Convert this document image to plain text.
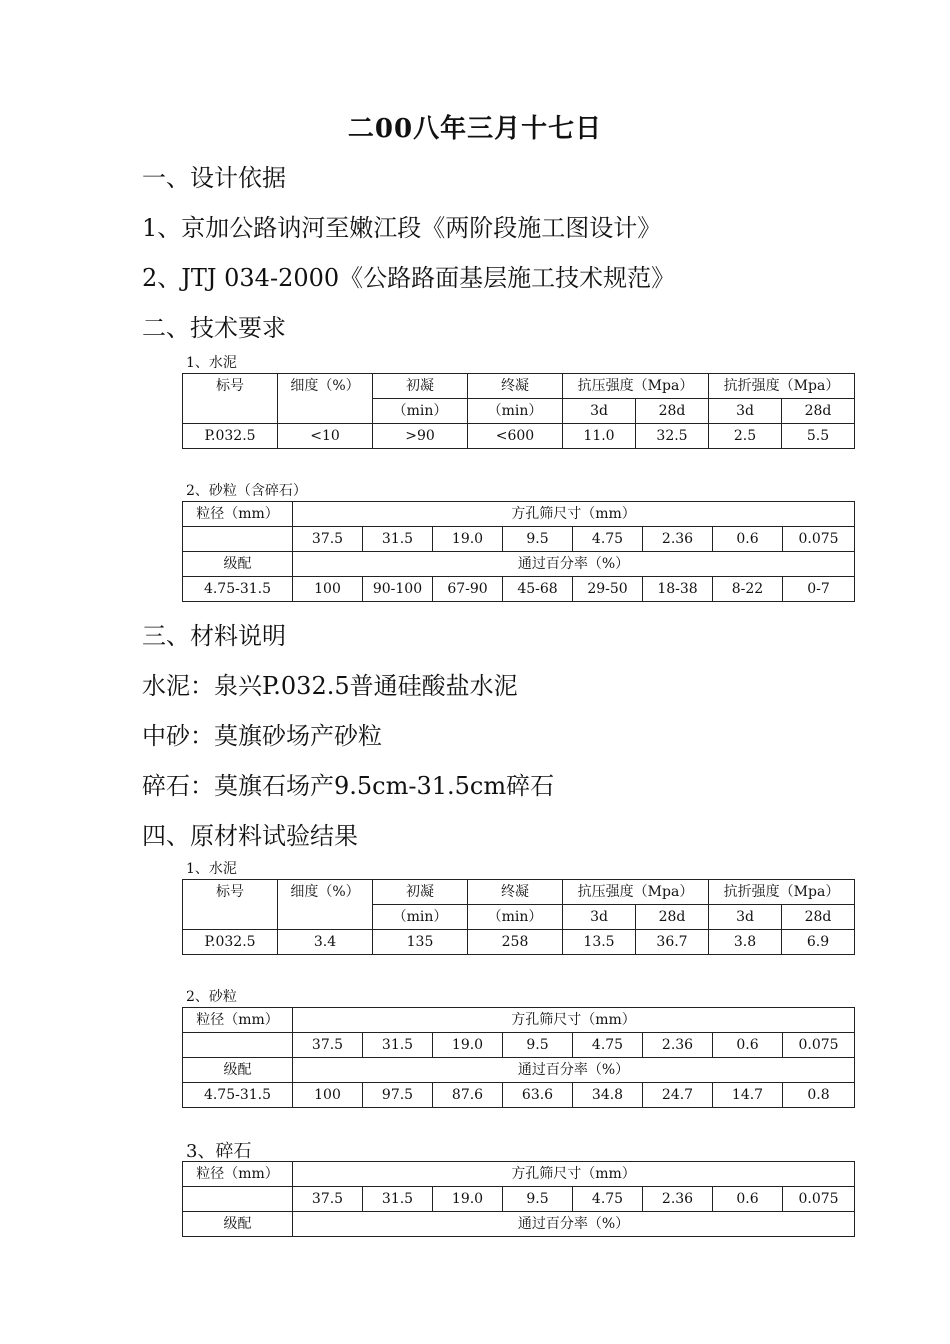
二00八年三月十七日
一、设计依据
1、京加公路讷河至嫩江段《两阶段施工图设计》
2、JTJ 034-2000《公路路面基层施工技术规范》
二、技术要求
1、水泥
标号	细度（%）	初凝	终凝	抗压强度（Mpa）		抗折强度（Mpa）	
		（min）	（min）	3d	28d	3d	28d
P.032.5	<10	>90	<600	11.0	32.5	2.5	5.5
2、砂粒（含碎石）
粒径（mm）	方孔筛尺寸（mm）							
	37.5	31.5	19.0	9.5	4.75	2.36	0.6	0.075
级配	通过百分率（%）							
4.75-31.5	100	90-100	67-90	45-68	29-50	18-38	8-22	0-7
三、材料说明
水泥：泉兴P.032.5普通硅酸盐水泥
中砂：莫旗砂场产砂粒
碎石：莫旗石场产9.5cm-31.5cm碎石
四、原材料试验结果
1、水泥
标号	细度（%）	初凝	终凝	抗压强度（Mpa）		抗折强度（Mpa）	
		（min）	（min）	3d	28d	3d	28d
P.032.5	3.4	135	258	13.5	36.7	3.8	6.9
2、砂粒
粒径（mm）	方孔筛尺寸（mm）							
	37.5	31.5	19.0	9.5	4.75	2.36	0.6	0.075
级配	通过百分率（%）							
4.75-31.5	100	97.5	87.6	63.6	34.8	24.7	14.7	0.8
3、碎石
粒径（mm）	方孔筛尺寸（mm）							
	37.5	31.5	19.0	9.5	4.75	2.36	0.6	0.075
级配	通过百分率（%）							
